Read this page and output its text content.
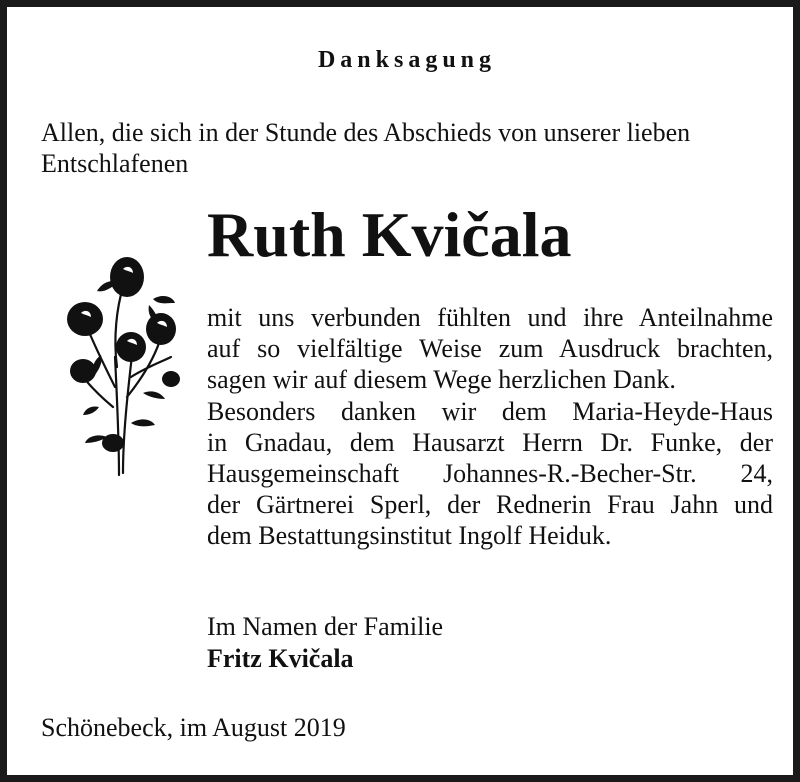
Danksagung
Allen, die sich in der Stunde des Abschieds von unserer lieben
Entschlafenen
Ruth Kvičala
mit uns verbunden fühlten und ihre Anteilnahme
auf so vielfältige Weise zum Ausdruck brachten,
sagen wir auf diesem Wege herzlichen Dank.
Besonders danken wir dem Maria-Heyde-Haus
in Gnadau, dem Hausarzt Herrn Dr. Funke, der
Hausgemeinschaft Johannes-R.-Becher-Str. 24,
der Gärtnerei Sperl, der Rednerin Frau Jahn und
dem Bestattungsinstitut Ingolf Heiduk.
Im Namen der Familie
Fritz Kvičala
Schönebeck, im August 2019
